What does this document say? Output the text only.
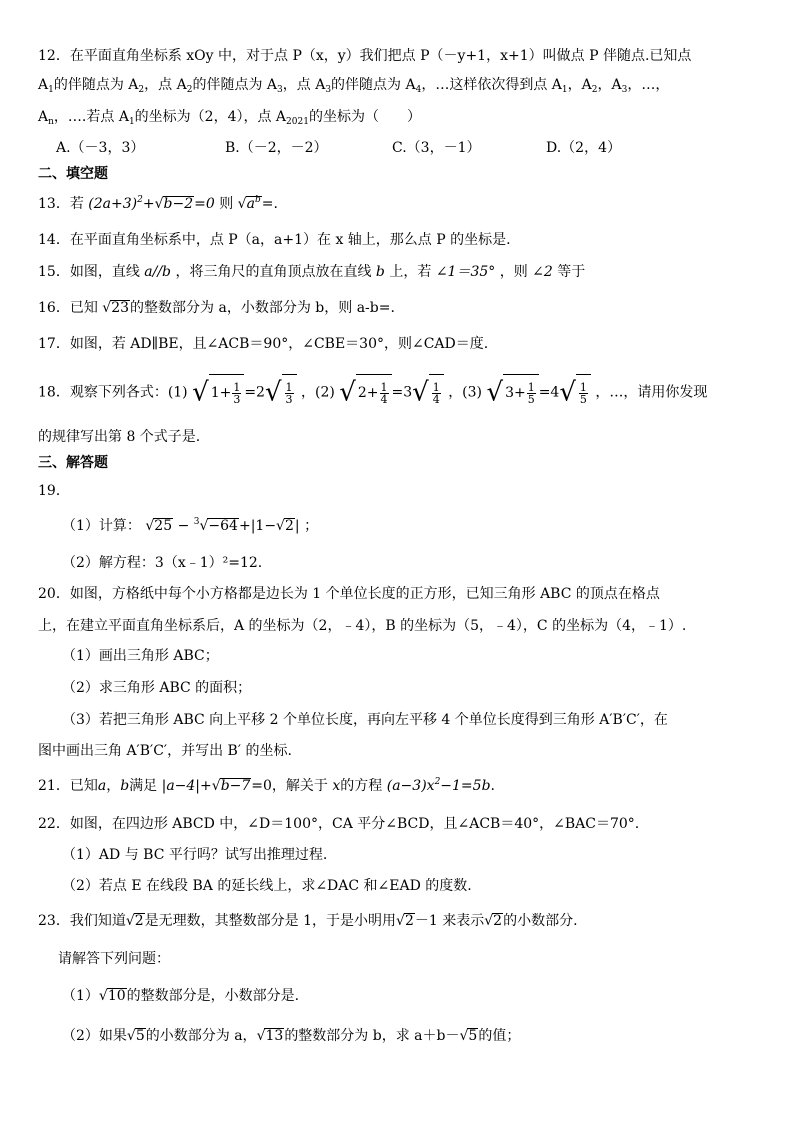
12．在平面直角坐标系 xOy 中，对于点 P（x，y）我们把点 P（－y+1，x+1）叫做点 P 伴随点.已知点
$A_1$的伴随点为 $A_2$，点 $A_2$的伴随点为 $A_3$，点 $A_3$的伴随点为 $A_4$，…这样依次得到点 $A_1$，$A_2$，$A_3$，…，
$A_n$，….若点 $A_1$的坐标为（2，4），点 $A_{2021}$的坐标为（　　）
A.（－3，3）	B.（－2，－2）	C.（3，－1）	D.（2，4）
二、填空题
13．若 $(2a+3)^2+√b-2=0$ 则 $√a^b=$.
14．在平面直角坐标系中，点 P（a，a+1）在 x 轴上，那么点 P 的坐标是.
15．如图，直线 a//b ，将三角尺的直角顶点放在直线 b 上，若 ∠1＝35° ，则 ∠2 等于
16．已知 √23的整数部分为 a，小数部分为 b，则 a-b=.
17．如图，若 AD∥BE，且∠ACB＝90°，∠CBE＝30°，则∠CAD＝度.
18．观察下列各式：(1) √ $1+ \frac{1}{3} =2√ \frac{1}{3}$ ，(2) √ $2+ \frac{1}{4} =3√ \frac{1}{4}$ ，(3) √ $3+ \frac{1}{5} =4√ \frac{1}{5}$ ，…，请用你发现
的规律写出第 8 个式子是.
三、解答题
19．
（1）计算： √25 − $^3$√−64+|1−√2| ；
（2）解方程：3（x﹣1）²=12.
20．如图，方格纸中每个小方格都是边长为 1 个单位长度的正方形，已知三角形 ABC 的顶点在格点
上，在建立平面直角坐标系后，A 的坐标为（2，﹣4），B 的坐标为（5，﹣4），C 的坐标为（4，﹣1）.
（1）画出三角形 ABC；
（2）求三角形 ABC 的面积；
（3）若把三角形 ABC 向上平移 2 个单位长度，再向左平移 4 个单位长度得到三角形 A′B′C′，在
图中画出三角 A′B′C′，并写出 B′ 的坐标.
21．已知a，b满足 |a−4|+√b−7=0，解关于 x的方程 $(a-3)x^2-1=5b$.
22．如图，在四边形 ABCD 中，∠D＝100°，CA 平分∠BCD，且∠ACB＝40°，∠BAC＝70°.
（1）AD 与 BC 平行吗？试写出推理过程.
（2）若点 E 在线段 BA 的延长线上，求∠DAC 和∠EAD 的度数.
23．我们知道√2是无理数，其整数部分是 1，于是小明用√2－1 来表示√2的小数部分.
请解答下列问题：
（1）√10的整数部分是，小数部分是.
（2）如果√5的小数部分为 a，√13的整数部分为 b，求 a＋b－√5的值；
